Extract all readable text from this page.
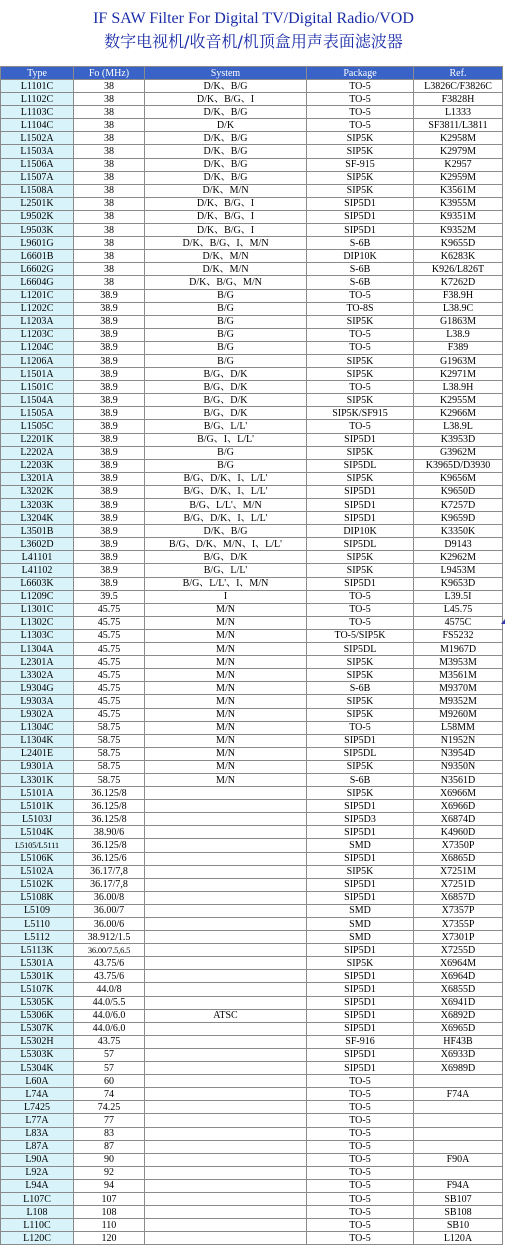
IF SAW Filter For Digital TV/Digital Radio/VOD
数字电视机/收音机/机顶盒用声表面滤波器
Type	Fo (MHz)	System	Package	Ref.
L1101C	38	D/K、B/G	TO-5	L3826C/F3826C
L1102C	38	D/K、B/G、I	TO-5	F3828H
L1103C	38	D/K、B/G	TO-5	L1333
L1104C	38	D/K	TO-5	SF3811/L3811
L1502A	38	D/K、B/G	SIP5K	K2958M
L1503A	38	D/K、B/G	SIP5K	K2979M
L1506A	38	D/K、B/G	SF-915	K2957
L1507A	38	D/K、B/G	SIP5K	K2959M
L1508A	38	D/K、M/N	SIP5K	K3561M
L2501K	38	D/K、B/G、I	SIP5D1	K3955M
L9502K	38	D/K、B/G、I	SIP5D1	K9351M
L9503K	38	D/K、B/G、I	SIP5D1	K9352M
L9601G	38	D/K、B/G、I、M/N	S-6B	K9655D
L6601B	38	D/K、M/N	DIP10K	K6283K
L6602G	38	D/K、M/N	S-6B	K926/L826T
L6604G	38	D/K、B/G、M/N	S-6B	K7262D
L1201C	38.9	B/G	TO-5	F38.9H
L1202C	38.9	B/G	TO-8S	L38.9C
L1203A	38.9	B/G	SIP5K	G1863M
L1203C	38.9	B/G	TO-5	L38.9
L1204C	38.9	B/G	TO-5	F389
L1206A	38.9	B/G	SIP5K	G1963M
L1501A	38.9	B/G、D/K	SIP5K	K2971M
L1501C	38.9	B/G、D/K	TO-5	L38.9H
L1504A	38.9	B/G、D/K	SIP5K	K2955M
L1505A	38.9	B/G、D/K	SIP5K/SF915	K2966M
L1505C	38.9	B/G、L/L'	TO-5	L38.9L
L2201K	38.9	B/G、I、L/L'	SIP5D1	K3953D
L2202A	38.9	B/G	SIP5K	G3962M
L2203K	38.9	B/G	SIP5DL	K3965D/D3930
L3201A	38.9	B/G、D/K、I、L/L'	SIP5K	K9656M
L3202K	38.9	B/G、D/K、I、L/L'	SIP5D1	K9650D
L3203K	38.9	B/G、L/L'、M/N	SIP5D1	K7257D
L3204K	38.9	B/G、D/K、I、L/L'	SIP5D1	K9659D
L3501B	38.9	D/K、B/G	DIP10K	K3350K
L3602D	38.9	B/G、D/K、M/N、I、L/L'	SIP5DL	D9143
L41101	38.9	B/G、D/K	SIP5K	K2962M
L41102	38.9	B/G、L/L'	SIP5K	L9453M
L6603K	38.9	B/G、L/L'、I、M/N	SIP5D1	K9653D
L1209C	39.5	I	TO-5	L39.5I
L1301C	45.75	M/N	TO-5	L45.75
L1302C	45.75	M/N	TO-5	4575C
L1303C	45.75	M/N	TO-5/SIP5K	FS5232
L1304A	45.75	M/N	SIP5DL	M1967D
L2301A	45.75	M/N	SIP5K	M3953M
L3302A	45.75	M/N	SIP5K	M3561M
L9304G	45.75	M/N	S-6B	M9370M
L9303A	45.75	M/N	SIP5K	M9352M
L9302A	45.75	M/N	SIP5K	M9260M
L1304C	58.75	M/N	TO-5	L58MM
L1304K	58.75	M/N	SIP5D1	N1952N
L2401E	58.75	M/N	SIP5DL	N3954D
L9301A	58.75	M/N	SIP5K	N9350N
L3301K	58.75	M/N	S-6B	N3561D
L5101A	36.125/8		SIP5K	X6966M
L5101K	36.125/8		SIP5D1	X6966D
L5103J	36.125/8		SIP5D3	X6874D
L5104K	38.90/6		SIP5D1	K4960D
L5105/L5111	36.125/8		SMD	X7350P
L5106K	36.125/6		SIP5D1	X6865D
L5102A	36.17/7,8		SIP5K	X7251M
L5102K	36.17/7,8		SIP5D1	X7251D
L5108K	36.00/8		SIP5D1	X6857D
L5109	36.00/7		SMD	X7357P
L5110	36.00/6		SMD	X7355P
L5112	38.912/1.5		SMD	X7301P
L5113K	36.00/7.5,6.5		SIP5D1	X7255D
L5301A	43.75/6		SIP5K	X6964M
L5301K	43.75/6		SIP5D1	X6964D
L5107K	44.0/8		SIP5D1	X6855D
L5305K	44.0/5.5		SIP5D1	X6941D
L5306K	44.0/6.0	ATSC	SIP5D1	X6892D
L5307K	44.0/6.0		SIP5D1	X6965D
L5302H	43.75		SF-916	HF43B
L5303K	57		SIP5D1	X6933D
L5304K	57		SIP5D1	X6989D
L60A	60		TO-5	
L74A	74		TO-5	F74A
L7425	74.25		TO-5	
L77A	77		TO-5	
L83A	83		TO-5	
L87A	87		TO-5	
L90A	90		TO-5	F90A
L92A	92		TO-5	
L94A	94		TO-5	F94A
L107C	107		TO-5	SB107
L108	108		TO-5	SB108
L110C	110		TO-5	SB10
L120C	120		TO-5	L120A
